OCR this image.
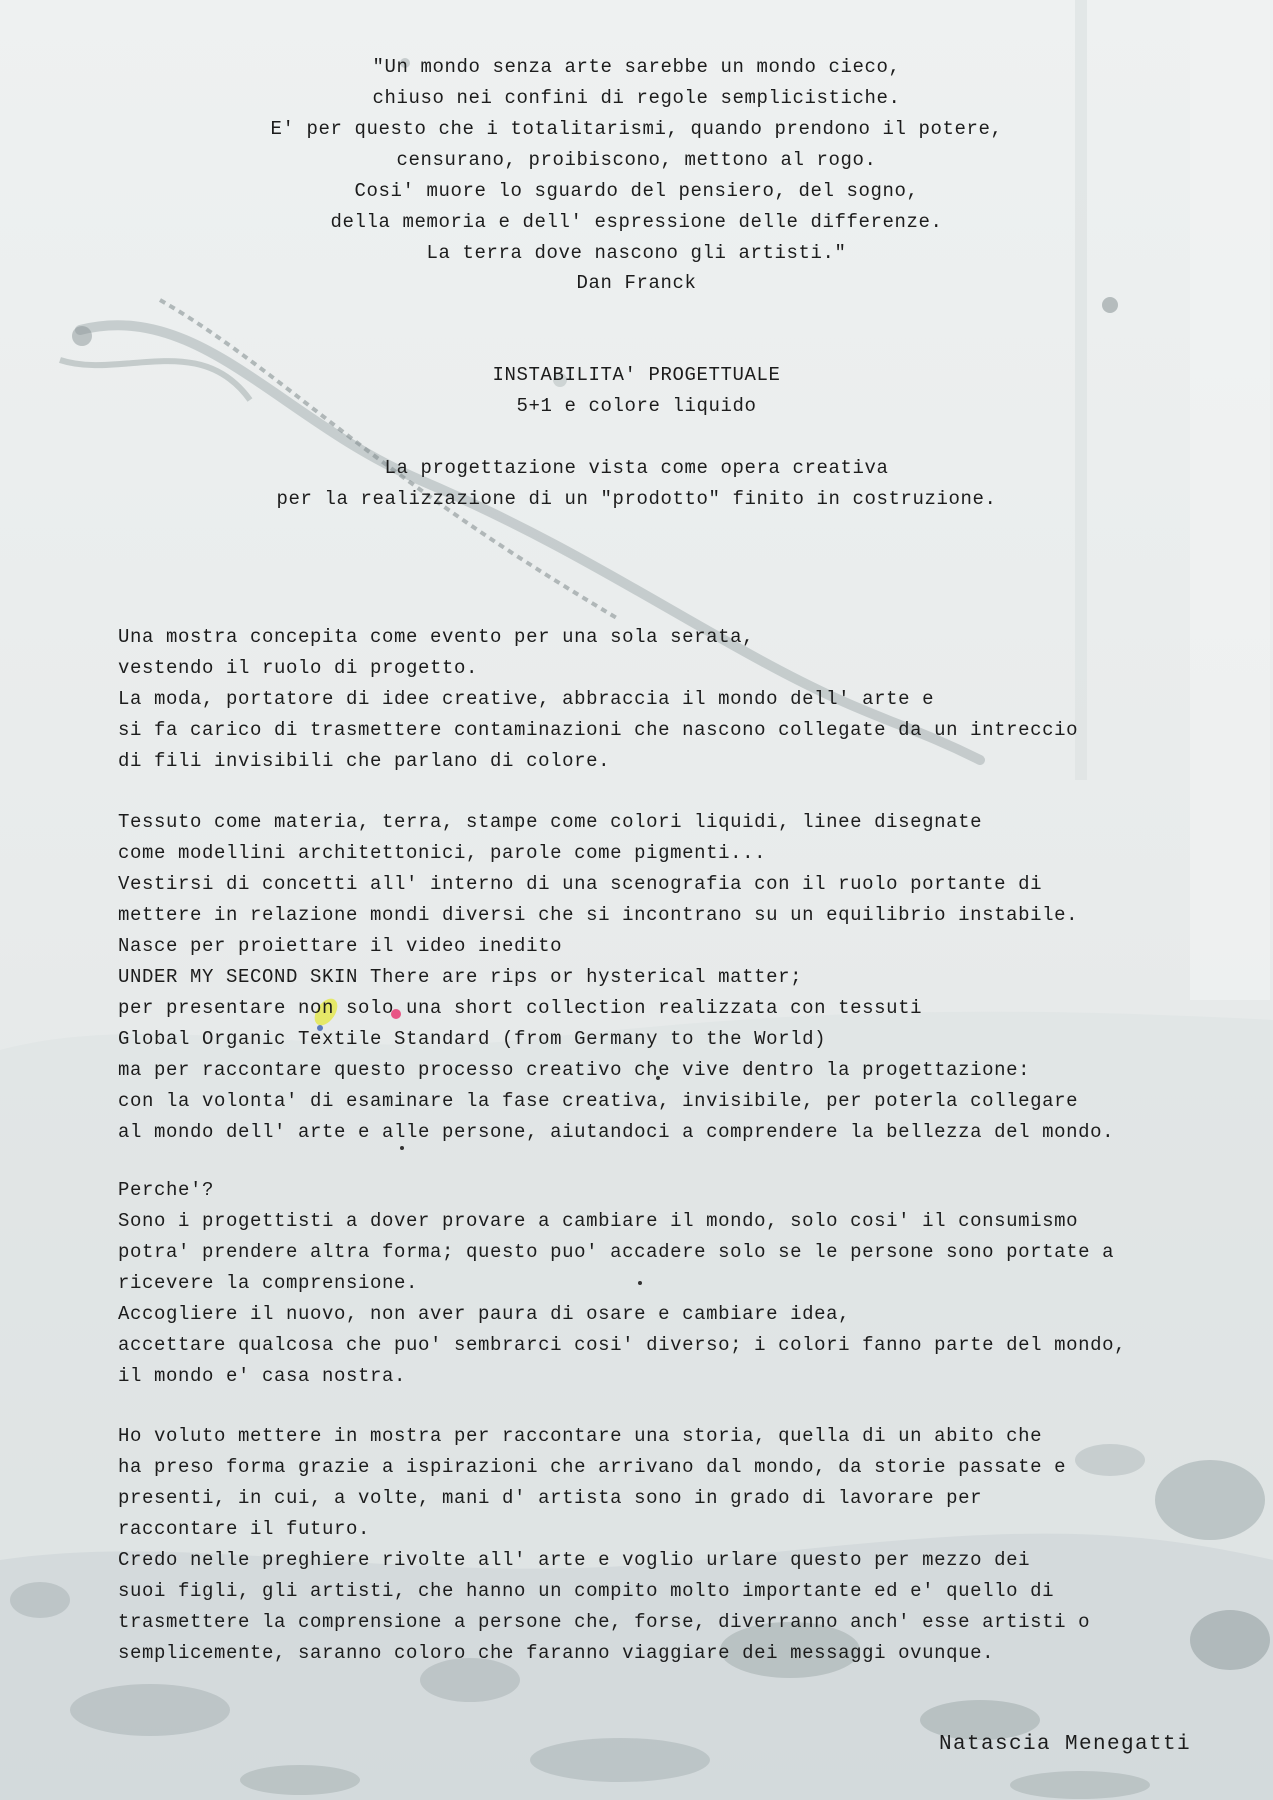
"Un mondo senza arte sarebbe un mondo cieco,
chiuso nei confini di regole semplicistiche.
E' per questo che i totalitarismi, quando prendono il potere,
censurano, proibiscono, mettono al rogo.
Cosi' muore lo sguardo del pensiero, del sogno,
della memoria e dell' espressione delle differenze.
La terra dove nascono gli artisti."
Dan Franck
INSTABILITA' PROGETTUALE
5+1 e colore liquido
La progettazione vista come opera creativa
per la realizzazione di un "prodotto" finito in costruzione.
Una mostra concepita come evento per una sola serata,
vestendo il ruolo di progetto.
La moda, portatore di idee creative, abbraccia il mondo dell' arte e
si fa carico di trasmettere contaminazioni che nascono collegate da un intreccio
di fili invisibili che parlano di colore.
Tessuto come materia, terra, stampe come colori liquidi, linee disegnate
come modellini architettonici, parole come pigmenti...
Vestirsi di concetti all' interno di una scenografia con il ruolo portante di
mettere in relazione mondi diversi che si incontrano su un equilibrio instabile.
Nasce per proiettare il video inedito
UNDER MY SECOND SKIN There are rips or hysterical matter;
per presentare non solo una short collection realizzata con tessuti
Global Organic Textile Standard (from Germany to the World)
ma per raccontare questo processo creativo che vive dentro la progettazione:
con la volonta' di esaminare la fase creativa, invisibile, per poterla collegare
al mondo dell' arte e alle persone, aiutandoci a comprendere la bellezza del mondo.
Perche'?
Sono i progettisti a dover provare a cambiare il mondo, solo cosi' il consumismo
potra' prendere altra forma; questo puo' accadere solo se le persone sono portate a
ricevere la comprensione.
Accogliere il nuovo, non aver paura di osare e cambiare idea,
accettare qualcosa che puo' sembrarci cosi' diverso; i colori fanno parte del mondo,
il mondo e' casa nostra.
Ho voluto mettere in mostra per raccontare una storia, quella di un abito che
ha preso forma grazie a ispirazioni che arrivano dal mondo, da storie passate e
presenti, in cui, a volte, mani d' artista sono in grado di lavorare per
raccontare il futuro.
Credo nelle preghiere rivolte all' arte e voglio urlare questo per mezzo dei
suoi figli, gli artisti, che hanno un compito molto importante ed e' quello di
trasmettere la comprensione a persone che, forse, diverranno anch' esse artisti o
semplicemente, saranno coloro che faranno viaggiare dei messaggi ovunque.
Natascia Menegatti
